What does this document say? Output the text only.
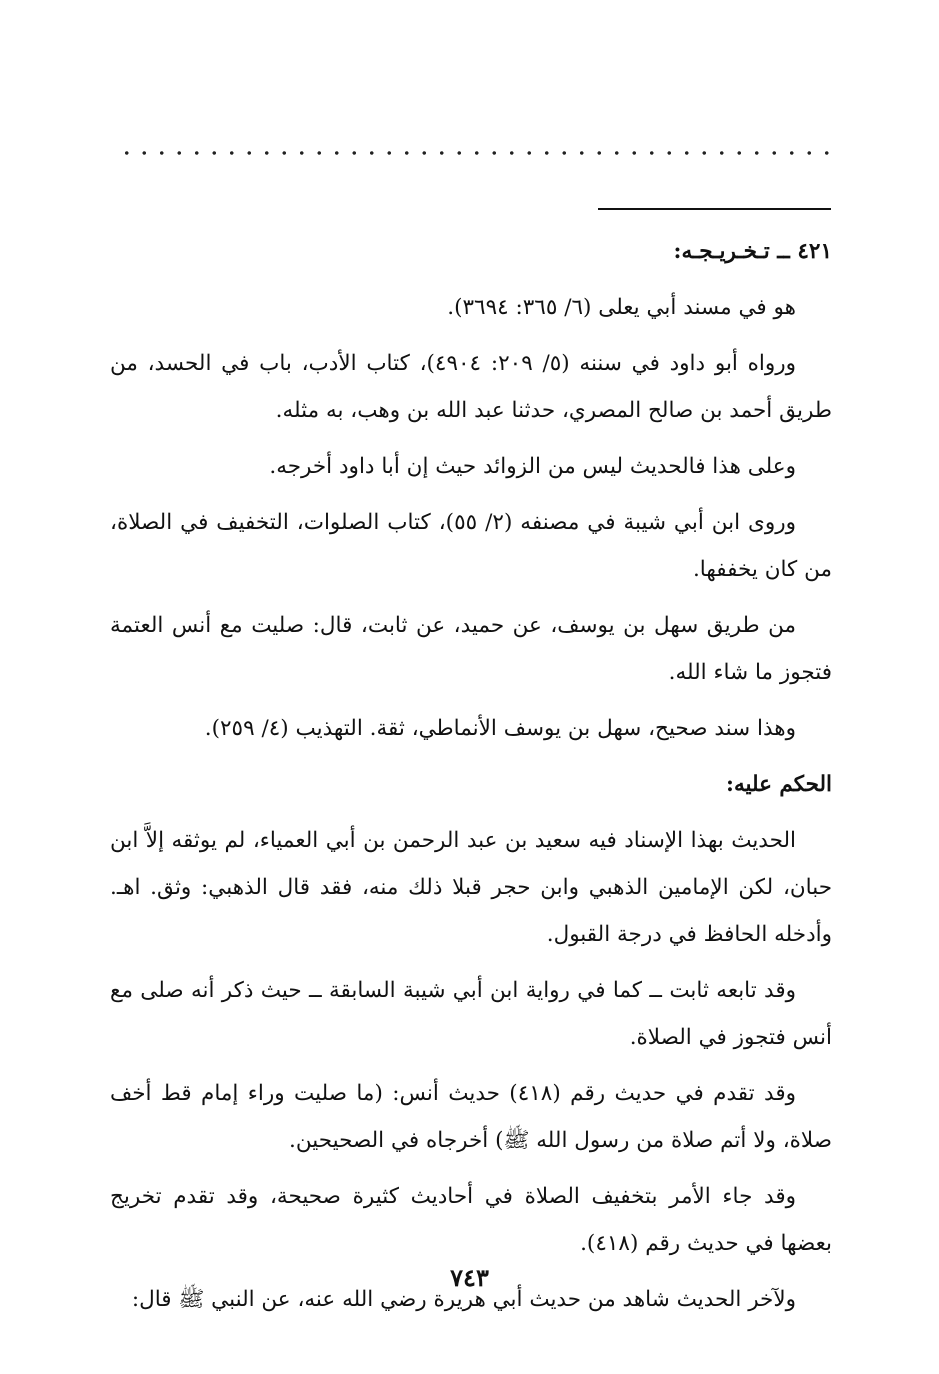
٤٢١ ــ تـخـريـجـه:

هو في مسند أبي يعلى (٦/ ٣٦٥: ٣٦٩٤).

ورواه أبو داود في سننه (٥/ ٢٠٩: ٤٩٠٤)، كتاب الأدب، باب في الحسد، من طريق أحمد بن صالح المصري، حدثنا عبد الله بن وهب، به مثله.

وعلى هذا فالحديث ليس من الزوائد حيث إن أبا داود أخرجه.

وروى ابن أبي شيبة في مصنفه (٢/ ٥٥)، كتاب الصلوات، التخفيف في الصلاة، من كان يخففها.

من طريق سهل بن يوسف، عن حميد، عن ثابت، قال: صليت مع أنس العتمة فتجوز ما شاء الله.

وهذا سند صحيح، سهل بن يوسف الأنماطي، ثقة. التهذيب (٤/ ٢٥٩).

الحكم عليه:

الحديث بهذا الإسناد فيه سعيد بن عبد الرحمن بن أبي العمياء، لم يوثقه إلاَّ ابن حبان، لكن الإمامين الذهبي وابن حجر قبلا ذلك منه، فقد قال الذهبي: وثق. اهـ. وأدخله الحافظ في درجة القبول.

وقد تابعه ثابت ــ كما في رواية ابن أبي شيبة السابقة ــ حيث ذكر أنه صلى مع أنس فتجوز في الصلاة.

وقد تقدم في حديث رقم (٤١٨) حديث أنس: (ما صليت وراء إمام قط أخف صلاة، ولا أتم صلاة من رسول الله ﷺ) أخرجاه في الصحيحين.

وقد جاء الأمر بتخفيف الصلاة في أحاديث كثيرة صحيحة، وقد تقدم تخريج بعضها في حديث رقم (٤١٨).

ولآخر الحديث شاهد من حديث أبي هريرة رضي الله عنه، عن النبي ﷺ قال:

٧٤٣
